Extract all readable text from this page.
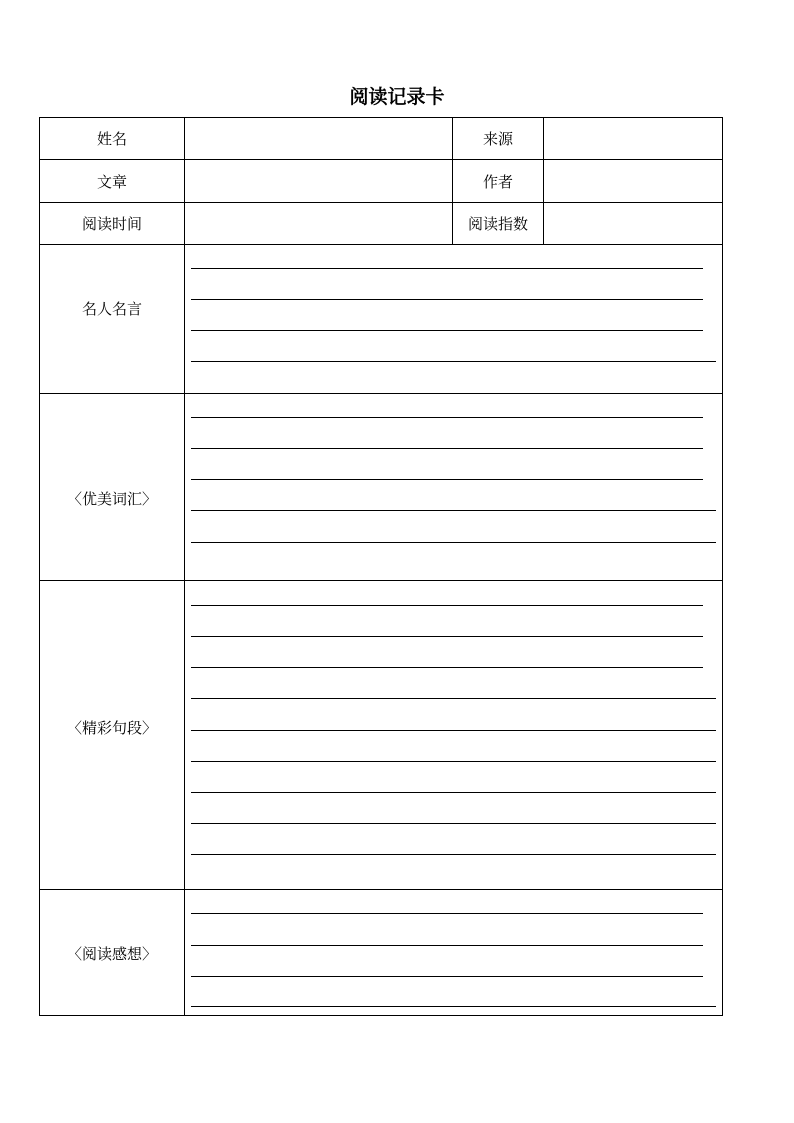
阅读记录卡
姓名	来源
文章	作者
阅读时间	阅读指数
名人名言
〈优美词汇〉
〈精彩句段〉
〈阅读感想〉
